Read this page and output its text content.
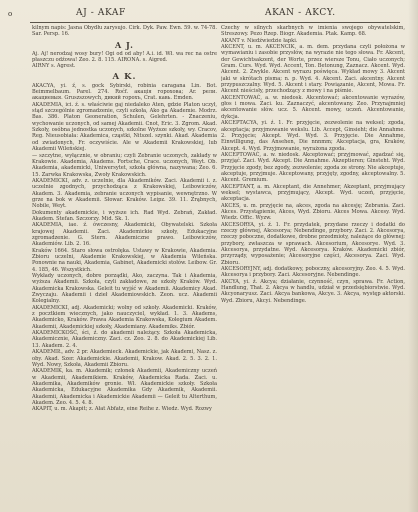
o	AJ - AKAF	AKAN - AKCY.

kilnym napis: Jasna Obydłu zarysujo. Cirk. Dyk. Paw. Ewn. 59. w. 74-78. Sar. Persp. 16.

A J.

Aj. Aj! nerodzaj wosy bury! Ogi od od aby! A.i. id. Wł. wa rec na ostre płaszczu odźowa! Zeo. 2. 8. 115. AIRONA. s. Aigred.

AIRNY s. Agrest.

A K.

AKACYA, yi. ź, s. gock Sybirski, robinia caragana Lin. Bot. Beimmelbaum. Parel. 274. Roćf. акація горохова; Ar. рели. акациевыя. Gruszszowych, дикий горохъ, Crat. кавь. Emden.

AKADEMIA, ici. ź. s. właściwie gaj niedaleko Aten, gdzie Platon uczył, stąd szczególnie zgromadzenie, czyli szkoła, Ako ga Akademie. Modrz. Bas. 386. Platon Geoneration, Schulen, Gelehrten. - Znaczeniu, wychowanie uczonych, od samej Akademii. Cnot, Eric. 3. Zgrom. Akad. Szkoły, osóbna jednostka uczonych, szkolne Wyższe szkoły, wy. Cracov, Reg. Nieusobiała: Akademica, cząstki, Nitszel. szynki. Akad. Akademia od zwiadonych, Fr. oczywiście. Ale w Akademii Krakowskiej, lub Akademii Wileńskiej.

— szczytne, wyłącznie, w obraniu; czyli Zebranie uczonych, zakłady w Krakowie. Akademia, Akadems. Fortsche, Crace. uczonych, Weyt. Ob. Akademia, akademicki, Uniwersytet, szkoła główna, nazywana; Zeo. 6. 15. Zarwka Krakowska, Zwoły Krakowskich.

AKADEMICKI, adv. z. uczelnie, dla Akademików. Zaci. Akademii i. z. uczelnie zgodnych, przychodząca z Krakowskiej, Leibowiczów, Akadem. 3. Akademia, zebranie uczonych wypisanie, wewnętrzno. W grze na bok w Akademii. Słowar. Kraków. Leipz. 39. 11. Zrąbnych, Nobile, Weyt.

Dokumenty akademickie, i wyższe ich. Rad Wyd. Zebrań, Zakład. Akadem. Stefan. Szczorzy. Mid. Sk. 1.

AKADEMIA, iae. ź. ówczesny, Akademicki, Obywatelski. Szkoła krajowej Akademii. Zaci. Akademickie szkoły, Edukacyjne zgromadzenie. G. Stern. Akademiczne prawo. Leibowiczów, Akademiów. Lib. 2. 16.

Kraków 1664. Staro słowa ostrołęka. Ustawy w Krakowie, Akademia. Zbioru uczelni, Akademie Krakowskiej, w Akademia Wileńska. Ponownie na nauki, Akademia, Gabinet, Akademicki stołów. Leibow. Gr. 4. 185, 46. Wszystkich.

Wykłady uczonych, dobre porządki, Ako, zaczyna. Tak i Akademia, wyższa Akademii. Szkoła, czyli zakładowe, ze szkoły Kraków. Wyd. Akademicka Krakowska. Geleit tu wyjść w Akademii. Akademicy Akad. Zwyczaju. Akademii i dzieł Akademiowskich. Zeon. ucz. Akademii Kolegialny.

AKADEMICKI, adj. Akademicki; wolny od szkoły. Akademicki. Kraków, z pocztkiem wiecznych, jako nauczyciel, wykład. 1. 3. Akadems, Akademicko, Kraków. Prawa Akademia Krakowska, Kolegium Akadem. Akademii, Akademickiej szkoły, Akademiany. Akademiks. Zbiór.

AKADEMICKOŚĆ, ści, ź. do akademii należący. Szkoła Akademicka, Akademicznie, Akademiczny. Zaci. cz. Zeo. 2. 8. do Akademickiej Lib. 13. Akadem. 2. 4.

AKADEMIŁ, adv. 2 pr. Akademieck. Akademickie, jak Akademi, Nasz. z. oby. Akad. Szer. Akademickie. Akademii, Krakow. Akad. 2. 5. 3. 2. 1. Wyd. Nowy, Szkoła, Akademii Zbioru.

AKADEMIK, ka. m. Akademik; członek Akademii, Akademiczny uczeń w Akademii, Akademikiem. Kraków, Akademicka Rada. Zaci. u. Akademika, Akademików gronie. Wł. Akademickie szkoły. Szkoła Akademicka, Edukacyjne Akademika Gdy Akademik, Akademii. Akademii, Akademicka i Akademickie Akademii — Geleit tu Alterthum, Akadem. Zeo. 4. 5. 4. 8.

AKAPIT, u. m. Akapit; z. Ałat Abfatz, eine Reihe z. Wiedz. Wyd. Rozwy

Czechy w silnych skarbnych w imienia swojego obywatelskim, Streszowy. Pezo Rzep. Biogr. Akademia. Ptak. Kamp. 68.

AKANT v. Niedźwiedzie łapki.

AKCENT, u. m. AKCENCIK, a. m. dem. przydana czyli położona w wymawianiu i zasobie przysłów, na wyrazie nie tego słowa. Fr. Akcent, der Gewichtsakzent, der Worte, przez wiersze Tonu, Ciało uczonych; Gram. Curs. Wyd. Wyd. Accent, Ton. Betonung, Zaznacz. Akcent. Wyd. Akcent. 2. Zwykle. Akcent wyrazu poświęca. Wykład mowy 3. Akcent jaki w skrótach pisma; n. p. Wyd. 4. Akcent. Zaci. akcentny. Akcent przypuszczalny. Wyd. 5. Akcent i stary. Powiązanie, Akcent, Mowa. Fr. Akcent nieścisły, przechodzący z mowy i na piśmie.

AKCENTOWAĆ, a. w. niedosk. Akcentować; akcentowanie wyrazów, głos i mowa. Zaci. ku. Zaznaczyć, akcentowany. Zeo. Przynajmniej akcentowanie słów. ucz. 5. Akcent. mowy, uczeń. Akcentowanie, dykcja.

AKCEPTACYA, yi. ź. 1. Fr. przyjęcie, zezwolenie na weksel; zgoda, akceptacja; przyjmowanie wekslu. Lib. Accept, Ginsieht; die Annahme. 2. Przyjęcie; Akcept. Wyd. Wyd. 3. Przyjęcie. Die Annahme, Einwilligung, das Ansehen, Die nnnmm; Akceptacja, gra, Kraków, Akcept. 4. Wyd. Przyjmowanie, wyrażona zgoda.

AKCEPTOWAĆ, a. w. niedosk. Akceptować; przyjmować, zgadzać się, przyjąć. Zaci. Wyd. Akcept. Die Annahme. Akzeptieren; Ginsteht. Wyd. Przyjęcie zgody, bez zgody, zezwolenie; zgoda ze strony. Nie akceptuje, akceptuje, przyjmuje. Akceptowany, przyjęty, zgodny, akceptowalny. 5. Akcent. Gremium.

AKCEPTANT, a. m. Akceptant, die Annehmer, Akzeptant, przyjmujący weksel; wystawca, przyjmujący, Akcept. Wyd. uczeń, przyjęcie, akceptacja.

AKCES, u. m. przyjęcie na, akces, zgoda na akcesję; Zebrania. Zaci. Akces. Przystąpienie, Akces, Wyd. Zbioru. Akces Mowa. Akcesy. Wyd. Wiedz. Offic. Wyzw.

AKCESORYA, yi. ź. 1. Fr. przydatek, przydane rzeczy i dodatki do rzeczy głównej, Akcesorya; Nebendinge, przybory. Zaci. 2. Akcesorya, rzeczy poboczne, dodatkowe, drobne przedmioty, należące do głównej; przybory, zwłaszcza w sprawach. Akcesorium, Akcesorye. Wyd. 3. Akcesorya, przydatne. Wyd. Akcesorya. Kraków. Akademicki zbiór, przyrządy, wyposażenie; Akcesoryjne części, Akcesorya. Zaci. Wyd. Zbioru.

AKCESORYJNY, adj. dodatkowy, poboczny, akcesoryjny. Zeo. 4. 5. Wyd. Akcesorya i przybory. Zaci. Akcesoryjne. Nebendinge.

AKCYA, yi. ź. Akcya; działanie, czynność, czyn, sprawa. Fr. Action, Handlung, That. 2. Akcya w handlu, udział w przedsiębiorstwie. Wyd. Akcyonaryusz. Zaci. Akcya bankowa, Akcye. 3. Akcya, występ aktorski. Wyd. Zbioru, Akcyi. Nebendinge.
